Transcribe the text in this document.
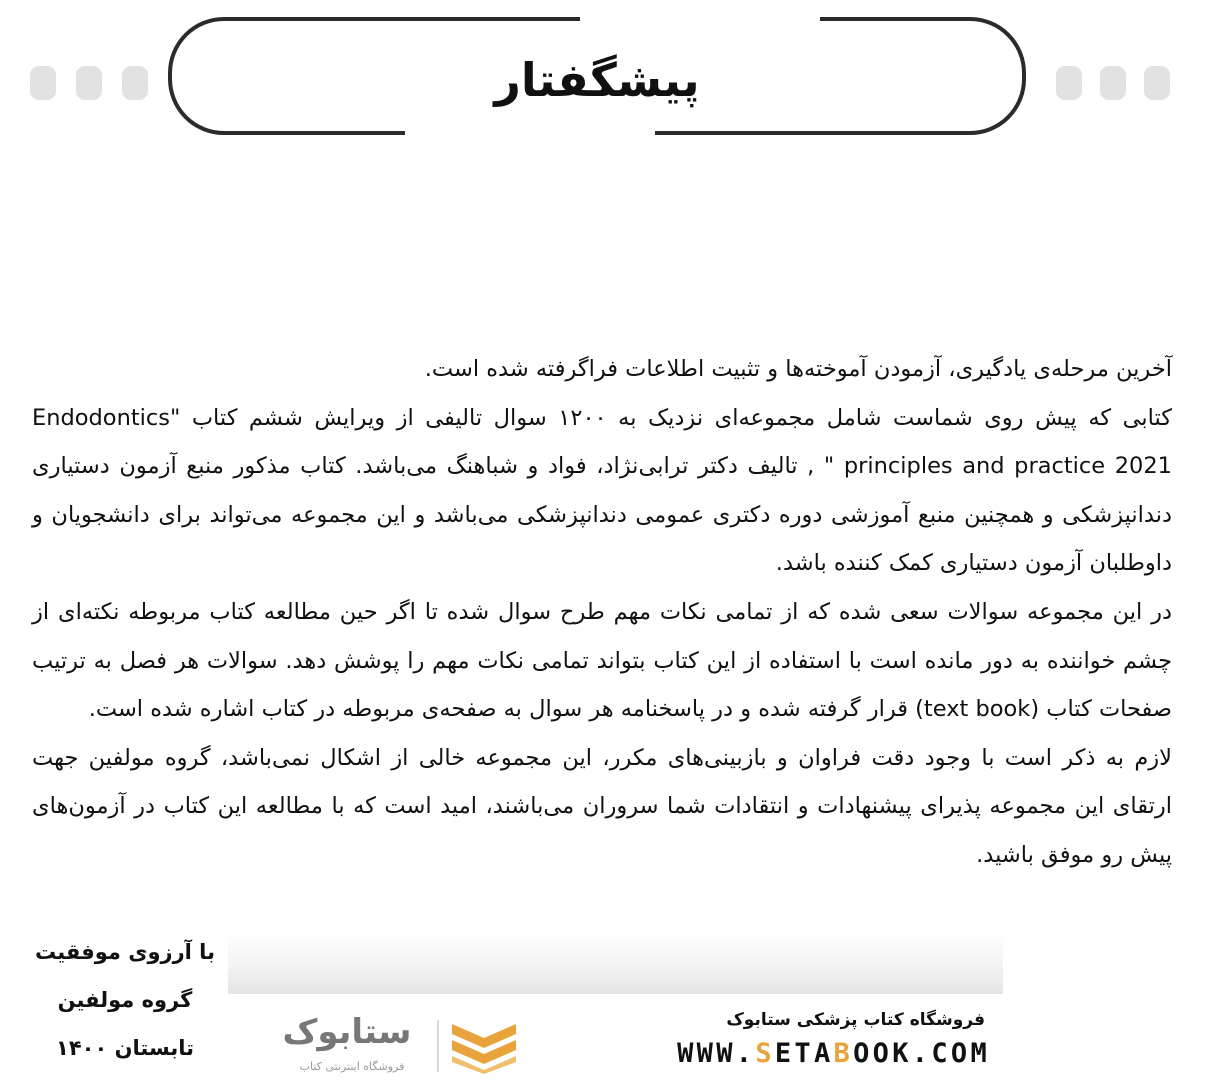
پیشگفتار

آخرین مرحله‌ی یادگیری، آزمودن آموخته‌ها و تثبیت اطلاعات فراگرفته شده است.

کتابی که پیش روی شماست شامل مجموعه‌ای نزدیک به ۱۲۰۰ سوال تالیفی از ویرایش ششم کتاب "Endodontics principles and practice 2021 " , تالیف دکتر ترابی‌نژاد، فواد و شباهنگ می‌باشد. کتاب مذکور منبع آزمون دستیاری دندانپزشکی و همچنین منبع آموزشی دوره دکتری عمومی دندانپزشکی می‌باشد و این مجموعه می‌تواند برای دانشجویان و داوطلبان آزمون دستیاری کمک کننده باشد.

در این مجموعه سوالات سعی شده که از تمامی نکات مهم طرح سوال شده تا اگر حین مطالعه کتاب مربوطه نکته‌ای از چشم خواننده به دور مانده است با استفاده از این کتاب بتواند تمامی نکات مهم را پوشش دهد. سوالات هر فصل به ترتیب صفحات کتاب (text book) قرار گرفته شده و در پاسخنامه هر سوال به صفحه‌ی مربوطه در کتاب اشاره شده است.

لازم به ذکر است با وجود دقت فراوان و بازبینی‌های مکرر، این مجموعه خالی از اشکال نمی‌باشد، گروه مولفین جهت ارتقای این مجموعه پذیرای پیشنهادات و انتقادات شما سروران می‌باشند، امید است که با مطالعه این کتاب در آزمون‌های پیش رو موفق باشید.

با آرزوی موفقیت
گروه مولفین
تابستان ۱۴۰۰	ستابوک
فروشگاه اینترنتی کتاب
فروشگاه کتاب پزشکی ستابوک
WWW.SETABOOK.COM
